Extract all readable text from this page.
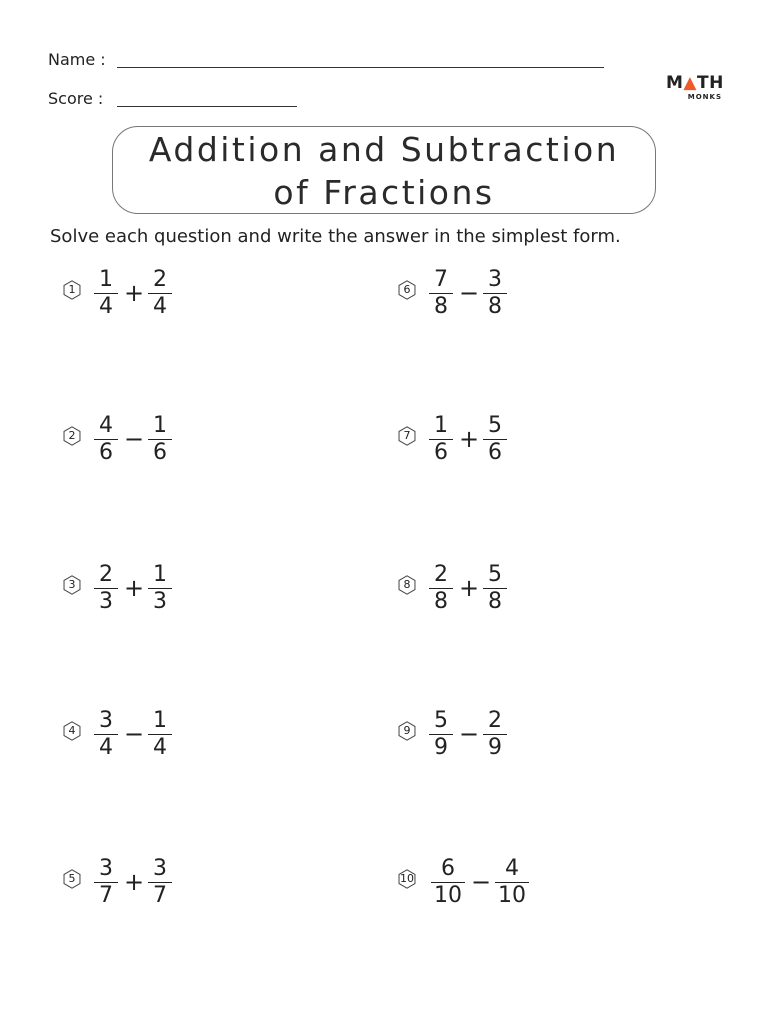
Name :
Score :
M▲TH
MONKS
Addition and Subtraction
of Fractions
Solve each question and write the answer in the simplest form.
1 1
4 + 2
4
2 4
6 − 1
6
3 2
3 + 1
3
4 3
4 − 1
4
5 3
7 + 3
7
6 7
8 − 3
8
7 1
6 + 5
6
8 2
8 + 5
8
9 5
9 − 2
9
10	6
10 − 4
10
